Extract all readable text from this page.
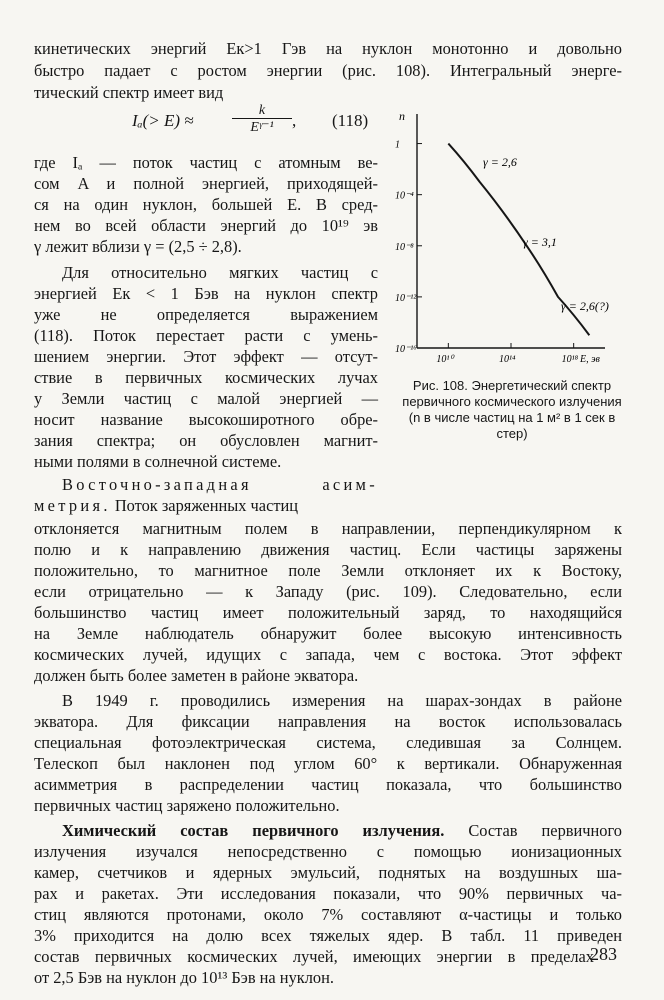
кинетических энергий Eк>1 Гэв на нуклон монотонно и довольно
быстро падает с ростом энергии (рис. 108). Интегральный энерге-
тический спектр имеет вид
Iₐ(> E) ≈	$\frac{k}{\text{Eᵞ⁻¹}}$ , (118)
где Iₐ — поток частиц с атомным ве-
сом A и полной энергией, приходящей-
ся на один нуклон, большей E. В сред-
нем во всей области энергий до 10¹⁹ эв
γ лежит вблизи γ = (2,5 ÷ 2,8).
Для относительно мягких частиц с
энергией Eк < 1 Бэв на нуклон спектр
уже не определяется выражением
(118). Поток перестает расти с умень-
шением энергии. Этот эффект — отсут-
ствие в первичных космических лучах
у Земли частиц с малой энергией —
носит название высокоширотного обре-
зания спектра; он обусловлен магнит-
ными полями в солнечной системе.
Восточно-западная асим-
метрия. Поток заряженных частиц
отклоняется магнитным полем в направлении, перпендикулярном к
полю и к направлению движения частиц. Если частицы заряжены
положительно, то магнитное поле Земли отклоняет их к Востоку,
если отрицательно — к Западу (рис. 109). Следовательно, если
большинство частиц имеет положительный заряд, то находящийся
на Земле наблюдатель обнаружит более высокую интенсивность
космических лучей, идущих с запада, чем с востока. Этот эффект
должен быть более заметен в районе экватора.
В 1949 г. проводились измерения на шарах-зондах в районе
экватора. Для фиксации направления на восток использовалась
специальная фотоэлектрическая система, следившая за Солнцем.
Телескоп был наклонен под углом 60° к вертикали. Обнаруженная
асимметрия в распределении частиц показала, что большинство
первичных частиц заряжено положительно.
Химический состав первичного излучения. Состав первичного
излучения изучался непосредственно с помощью ионизационных
камер, счетчиков и ядерных эмульсий, поднятых на воздушных ша-
рах и ракетах. Эти исследования показали, что 90% первичных ча-
стиц являются протонами, около 7% составляют α-частицы и только
3% приходится на долю всех тяжелых ядер. В табл. 11 приведен
состав первичных космических лучей, имеющих энергии в пределах
от 2,5 Бэв на нуклон до 10¹³ Бэв на нуклон.
n
1
10⁻⁴
10⁻⁸
10⁻¹²
10⁻¹⁶
10¹⁰	10¹⁴	10¹⁸ E, эв
γ = 2,6
γ = 3,1
γ = 2,6(?)
Рис. 108. Энергетический спектр первичного космического излучения (n в числе частиц на 1 м² в 1 сек в стер)
283
